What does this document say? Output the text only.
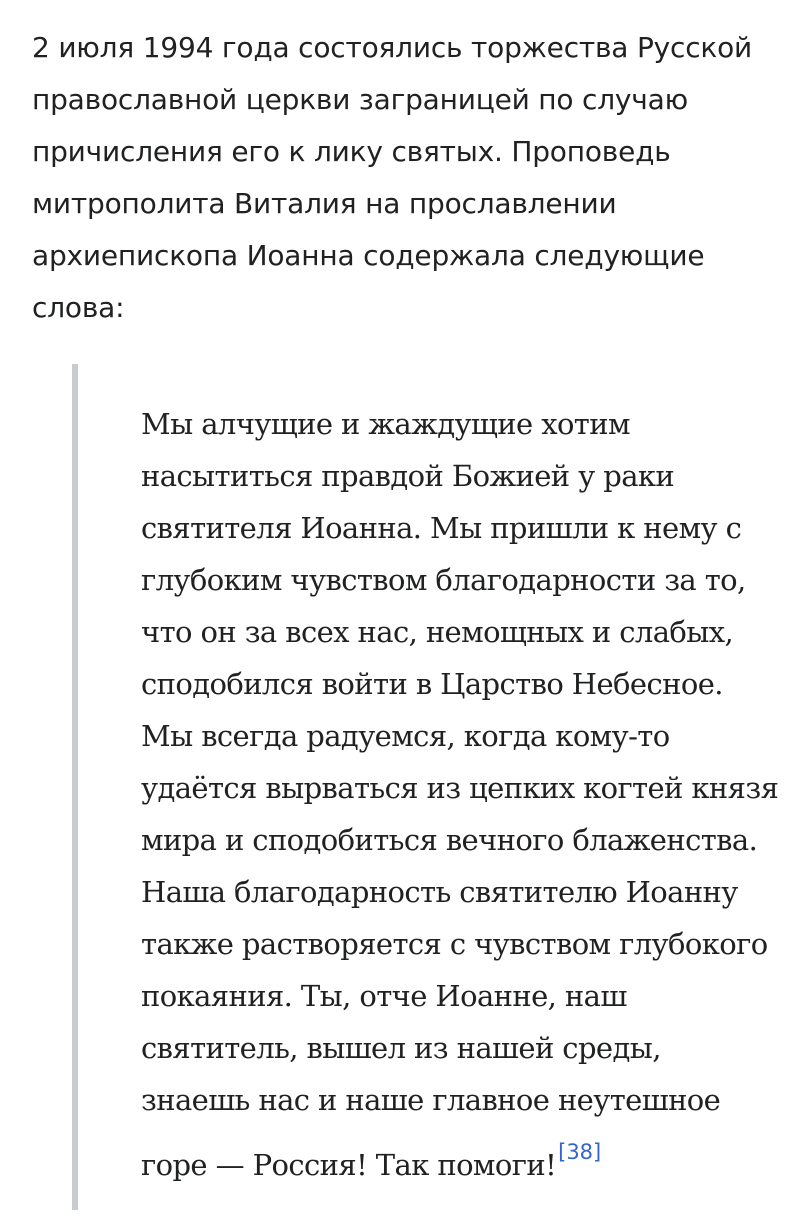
2 июля 1994 года состоялись торжества Русской
православной церкви заграницей по случаю
причисления его к лику святых. Проповедь
митрополита Виталия на прославлении
архиепископа Иоанна содержала следующие
слова:

Мы алчущие и жаждущие хотим
насытиться правдой Божией у раки
святителя Иоанна. Мы пришли к нему с
глубоким чувством благодарности за то,
что он за всех нас, немощных и слабых,
сподобился войти в Царство Небесное.
Мы всегда радуемся, когда кому-то
удаётся вырваться из цепких когтей князя
мира и сподобиться вечного блаженства.
Наша благодарность святителю Иоанну
также растворяется с чувством глубокого
покаяния. Ты, отче Иоанне, наш
святитель, вышел из нашей среды,
знаешь нас и наше главное неутешное
горе — Россия! Так помоги![38]
